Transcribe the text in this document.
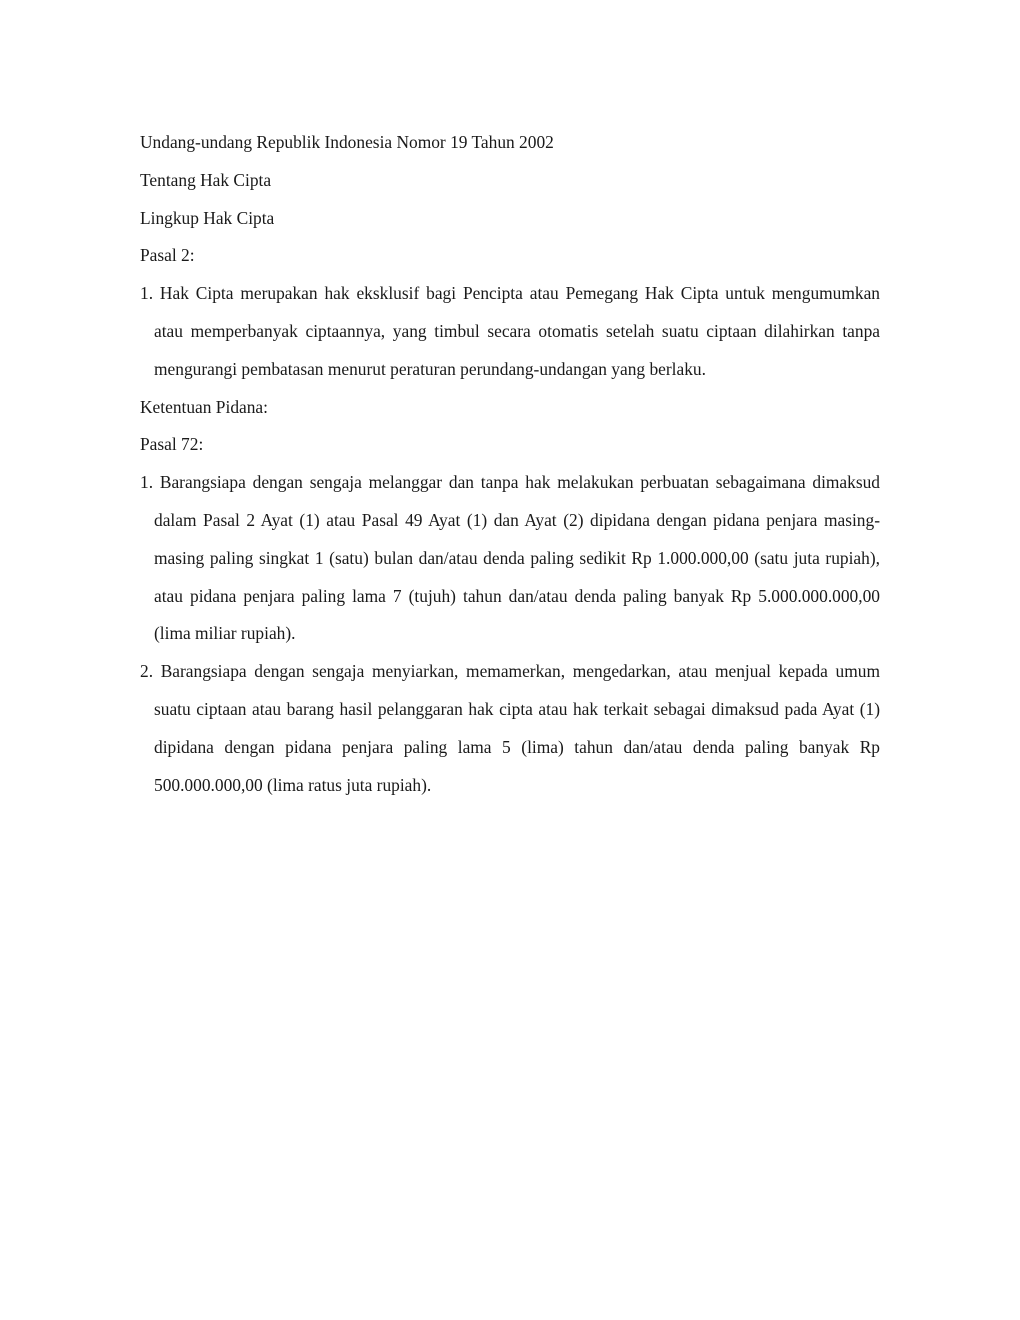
Undang-undang Republik Indonesia Nomor 19 Tahun 2002

Tentang Hak Cipta

Lingkup Hak Cipta

Pasal 2:

1. Hak Cipta merupakan hak eksklusif bagi Pencipta atau Pemegang Hak Cipta untuk mengumumkan atau memperbanyak ciptaannya, yang timbul secara otomatis setelah suatu ciptaan dilahirkan tanpa mengurangi pembatasan menurut peraturan perundang-undangan yang berlaku.

Ketentuan Pidana:

Pasal 72:

1. Barangsiapa dengan sengaja melanggar dan tanpa hak melakukan perbuatan sebagaimana dimaksud dalam Pasal 2 Ayat (1) atau Pasal 49 Ayat (1) dan Ayat (2) dipidana dengan pidana penjara masing-masing paling singkat 1 (satu) bulan dan/atau denda paling sedikit Rp 1.000.000,00 (satu juta rupiah), atau pidana penjara paling lama 7 (tujuh) tahun dan/atau denda paling banyak Rp 5.000.000.000,00 (lima miliar rupiah).

2. Barangsiapa dengan sengaja menyiarkan, memamerkan, mengedarkan, atau menjual kepada umum suatu ciptaan atau barang hasil pelanggaran hak cipta atau hak terkait sebagai dimaksud pada Ayat (1) dipidana dengan pidana penjara paling lama 5 (lima) tahun dan/atau denda paling banyak Rp 500.000.000,00 (lima ratus juta rupiah).
